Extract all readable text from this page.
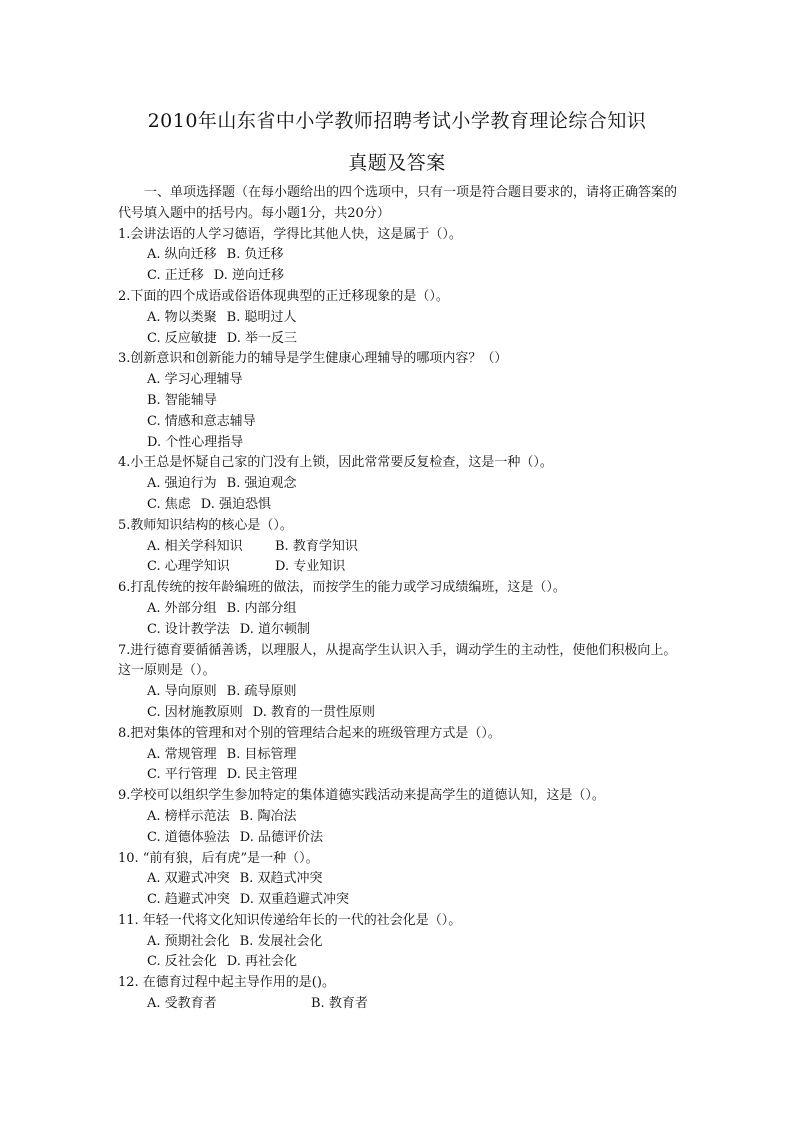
2010年山东省中小学教师招聘考试小学教育理论综合知识
真题及答案

一、单项选择题（在每小题给出的四个选项中，只有一项是符合题目要求的，请将正确答案的代号填入题中的括号内。每小题1分，共20分）

1.会讲法语的人学习德语，学得比其他人快，这是属于（）。

A. 纵向迁移 B. 负迁移
C. 正迁移 D. 逆向迁移

2.下面的四个成语或俗语体现典型的正迁移现象的是（）。

A. 物以类聚 B. 聪明过人
C. 反应敏捷 D. 举一反三

3.创新意识和创新能力的辅导是学生健康心理辅导的哪项内容？（）

A. 学习心理辅导
B. 智能辅导
C. 情感和意志辅导
D. 个性心理指导

4.小王总是怀疑自己家的门没有上锁，因此常常要反复检查，这是一种（）。

A. 强迫行为 B. 强迫观念
C. 焦虑 D. 强迫恐惧

5.教师知识结构的核心是（）。

A. 相关学科知识 B. 教育学知识
C. 心理学知识	D. 专业知识

6.打乱传统的按年龄编班的做法，而按学生的能力或学习成绩编班，这是（）。

A. 外部分组 B. 内部分组
C. 设计教学法 D. 道尔顿制

7.进行德育要循循善诱，以理服人，从提高学生认识入手，调动学生的主动性，使他们积极向上。这一原则是（）。

A. 导向原则 B. 疏导原则
C. 因材施教原则 D. 教育的一贯性原则

8.把对集体的管理和对个别的管理结合起来的班级管理方式是（）。

A. 常规管理 B. 目标管理
C. 平行管理 D. 民主管理

9.学校可以组织学生参加特定的集体道德实践活动来提高学生的道德认知，这是（）。

A. 榜样示范法 B. 陶冶法
C. 道德体验法 D. 品德评价法

10. “前有狼，后有虎”是一种（）。

A. 双避式冲突 B. 双趋式冲突
C. 趋避式冲突 D. 双重趋避式冲突

11. 年轻一代将文化知识传递给年长的一代的社会化是（）。

A. 预期社会化 B. 发展社会化
C. 反社会化 D. 再社会化

12. 在德育过程中起主导作用的是()。

A. 受教育者	B. 教育者
